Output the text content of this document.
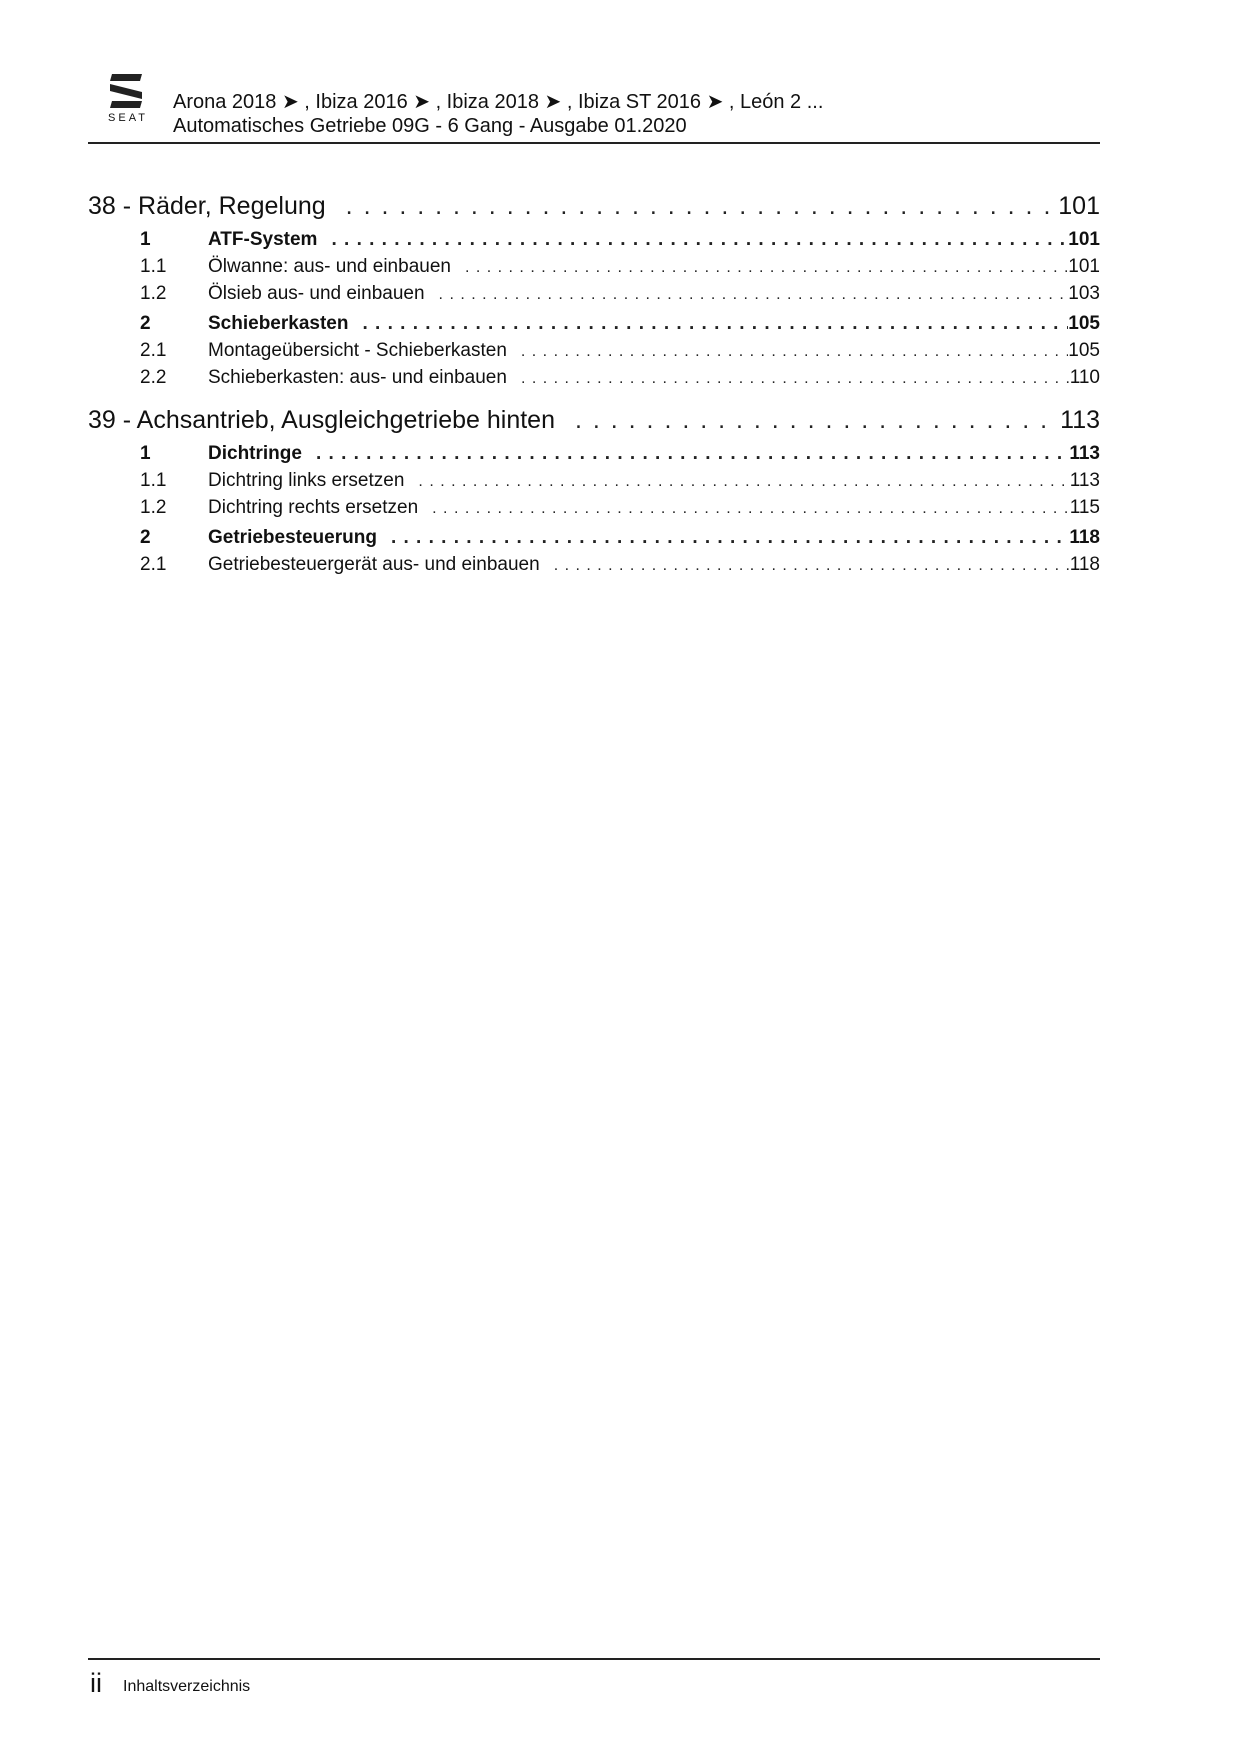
SEAT
Arona 2018 ➤ , Ibiza 2016 ➤ , Ibiza 2018 ➤ , Ibiza ST 2016 ➤ , León 2 ...
Automatisches Getriebe 09G - 6 Gang - Ausgabe 01.2020
38 - Räder, Regelung . . .	101
1	ATF-System . . .	101
1.1	Ölwanne: aus- und einbauen . . .	101
1.2	Ölsieb aus- und einbauen . . .	103
2	Schieberkasten . . .	105
2.1	Montageübersicht - Schieberkasten . . .	105
2.2	Schieberkasten: aus- und einbauen . . .	110
39 - Achsantrieb, Ausgleichgetriebe hinten . . .	113
1	Dichtringe . . .	113
1.1	Dichtring links ersetzen . . .	113
1.2	Dichtring rechts ersetzen . . .	115
2	Getriebesteuerung . . .	118
2.1	Getriebesteuergerät aus- und einbauen . . .	118
ii Inhaltsverzeichnis
